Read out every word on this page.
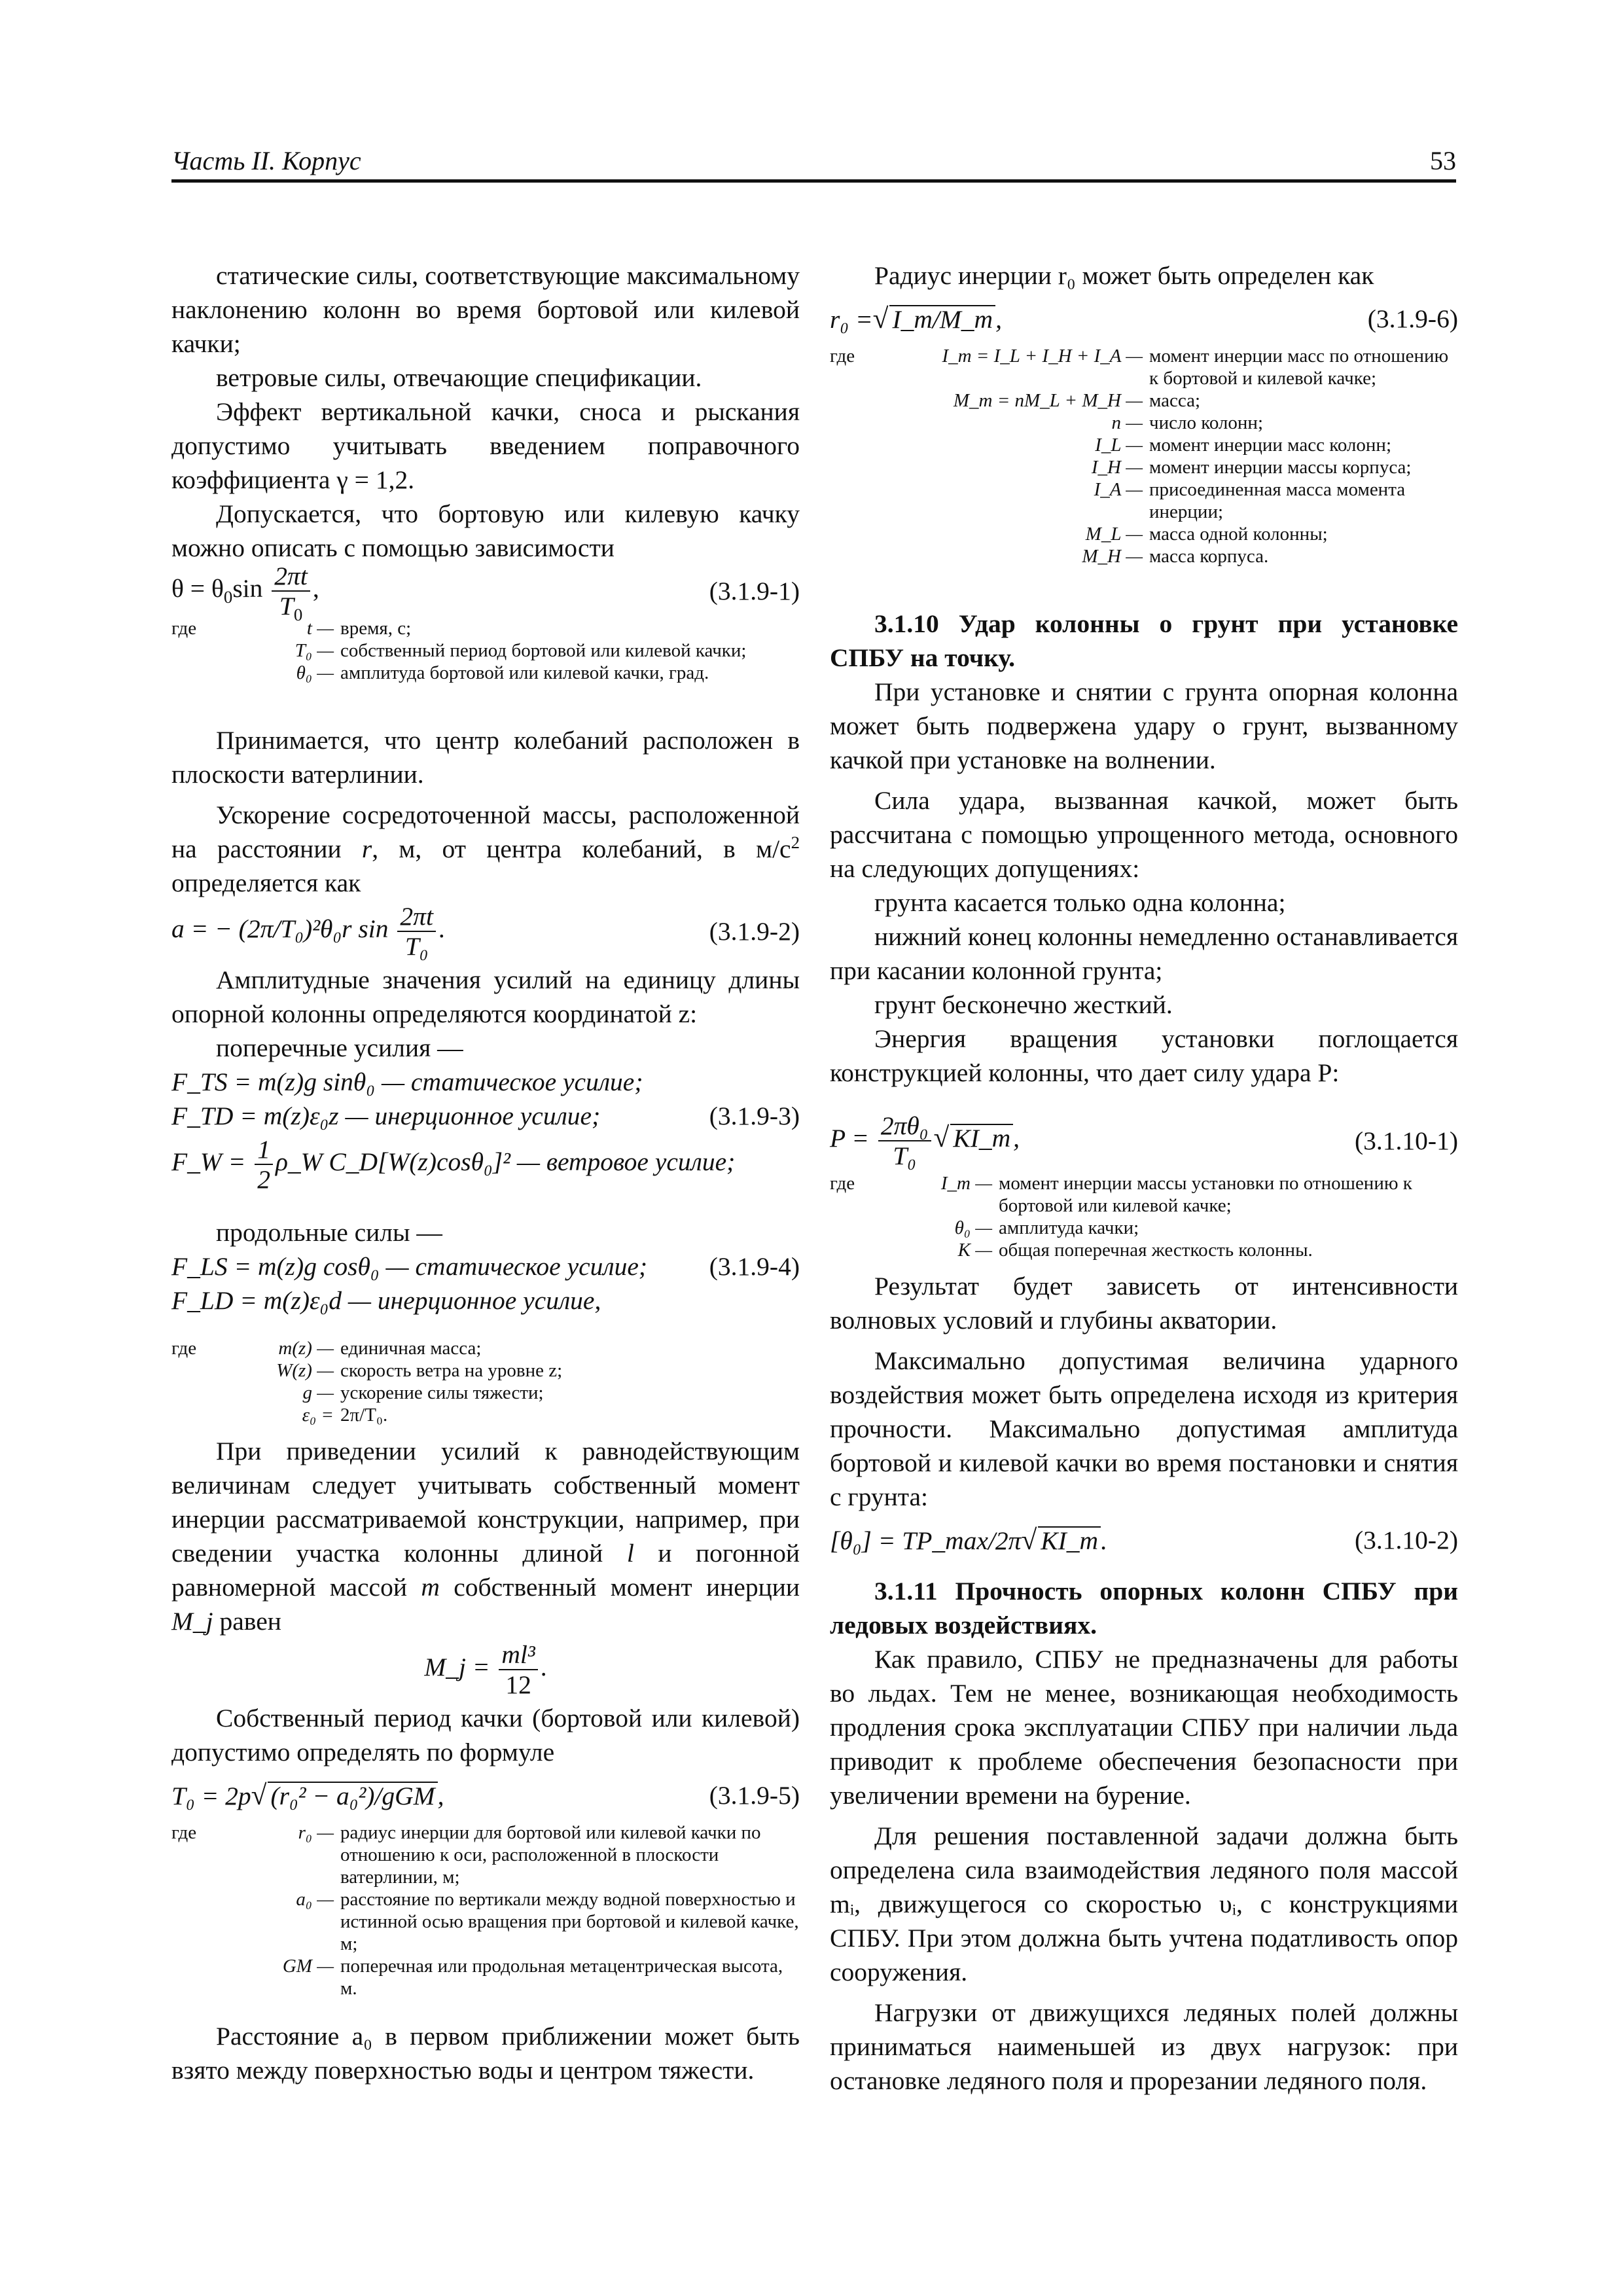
Часть II. Корпус	53

статические силы, соответствующие максимальному наклонению колонн во время бортовой или килевой качки;

ветровые силы, отвечающие спецификации.

Эффект вертикальной качки, сноса и рыскания допустимо учитывать введением поправочного коэффициента γ = 1,2.

Допускается, что бортовую или килевую качку можно описать с помощью зависимости

$\theta = \theta_0\sin \frac{2\pi t}{T_0}$ ,	(3.1.9-1)
где	t — время, с;
T₀ — собственный период бортовой или килевой качки;
θ₀ — амплитуда бортовой или килевой качки, град.

Принимается, что центр колебаний расположен в плоскости ватерлинии.

Ускорение сосредоточенной массы, расположенной на расстоянии r, м, от центра колебаний, в $м/с^2$ определяется как

a = − (2π/T₀)²θ₀r $\sin \frac{2\pi t}{\text{T₀}}$ .	(3.1.9-2)

Амплитудные значения усилий на единицу длины опорной колонны определяются координатой z:

поперечные усилия —

F_TS = m(z)g sinθ₀ — статическое усилие;

F_TD = m(z)ε₀z — инерционное усилие;	(3.1.9-3)
F_W = $\frac{1}{2}$ ρ_W C_D[W(z)cosθ₀]² — ветровое усилие;

продольные силы —

F_LS = m(z)g cosθ₀ — статическое усилие; (3.1.9-4)

F_LD = m(z)ε₀d — инерционное усилие,

где	m(z) — единичная масса;
W(z) — скорость ветра на уровне z;
g — ускорение силы тяжести;
ε₀ = 2π/T₀.

При приведении усилий к равнодействующим величинам следует учитывать собственный момент инерции рассматриваемой конструкции, например, при сведении участка колонны длиной l и погонной равномерной массой m собственный момент инерции M_j равен

M_j = $\frac{\text{ml³}}{12}$ .

Собственный период качки (бортовой или килевой) допустимо определять по формуле

T₀ = 2p√ (r₀² − a₀²)/gGM ,	(3.1.9-5)
где	r₀ — радиус инерции для бортовой или килевой качки по отношению к оси, расположенной в плоскости ватерлинии, м;
a₀ — расстояние по вертикали между водной поверхностью и истинной осью вращения при бортовой и килевой качке, м;
GM — поперечная или продольная метацентрическая высота, м.

Расстояние a₀ в первом приближении может быть взято между поверхностью воды и центром тяжести.

Радиус инерции r₀ может быть определен как

r₀ =√ I_m/M_m ,	(3.1.9-6)
где	I_m = I_L + I_H + I_A — момент инерции масс по отношению к бортовой и килевой качке;
M_m = nM_L + M_H — масса;
n — число колонн;
I_L — момент инерции масс колонн;
I_H — момент инерции массы корпуса;
I_A — присоединенная масса момента инерции;
M_L — масса одной колонны;
M_H — масса корпуса.

3.1.10 Удар колонны о грунт при установке СПБУ на точку.

При установке и снятии с грунта опорная колонна может быть подвержена удару о грунт, вызванному качкой при установке на волнении.

Сила удара, вызванная качкой, может быть рассчитана с помощью упрощенного метода, основного на следующих допущениях:

грунта касается только одна колонна;

нижний конец колонны немедленно останавливается при касании колонной грунта;

грунт бесконечно жесткий.

Энергия вращения установки поглощается конструкцией колонны, что дает силу удара P:

$P = \frac{\text{2πθ₀}}{\text{T₀}}$ √ KI_m ,	(3.1.10-1)
где	I_m — момент инерции массы установки по отношению к бортовой или килевой качке;
θ₀ — амплитуда качки;
K — общая поперечная жесткость колонны.

Результат будет зависеть от интенсивности волновых условий и глубины акватории.

Максимально допустимая величина ударного воздействия может быть определена исходя из критерия прочности. Максимально допустимая амплитуда бортовой и килевой качки во время постановки и снятия с грунта:

[θ₀] = TP_max/2π√ KI_m .	(3.1.10-2)

3.1.11 Прочность опорных колонн СПБУ при ледовых воздействиях.

Как правило, СПБУ не предназначены для работы во льдах. Тем не менее, возникающая необходимость продления срока эксплуатации СПБУ при наличии льда приводит к проблеме обеспечения безопасности при увеличении времени на бурение.

Для решения поставленной задачи должна быть определена сила взаимодействия ледяного поля массой mᵢ, движущегося со скоростью υᵢ, с конструкциями СПБУ. При этом должна быть учтена податливость опор сооружения.

Нагрузки от движущихся ледяных полей должны приниматься наименьшей из двух нагрузок: при остановке ледяного поля и прорезании ледяного поля.
